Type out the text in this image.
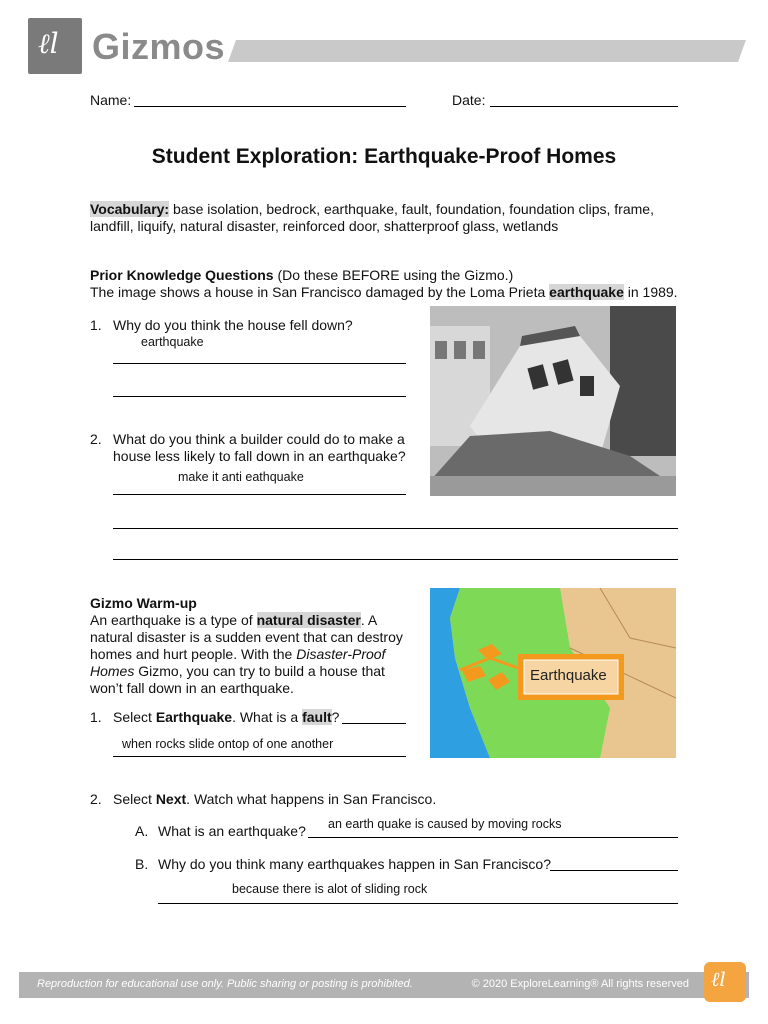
ℓl Gizmos
Name:	Date:
Student Exploration: Earthquake-Proof Homes
Vocabulary: base isolation, bedrock, earthquake, fault, foundation, foundation clips, frame, landfill, liquify, natural disaster, reinforced door, shatterproof glass, wetlands
Prior Knowledge Questions (Do these BEFORE using the Gizmo.)
The image shows a house in San Francisco damaged by the Loma Prieta earthquake in 1989.
1. Why do you think the house fell down?
earthquake
2. What do you think a builder could do to make a
house less likely to fall down in an earthquake?
make it anti eathquake
Gizmo Warm-up
An earthquake is a type of natural disaster. A natural disaster is a sudden event that can destroy homes and hurt people. With the Disaster-Proof Homes Gizmo, you can try to build a house that won’t fall down in an earthquake.
1. Select Earthquake. What is a fault?
when rocks slide ontop of one another
Earthquake
2. Select Next. Watch what happens in San Francisco.
A. What is an earthquake? an earth quake is caused by moving rocks
B. Why do you think many earthquakes happen in San Francisco?
because there is alot of sliding rock
Reproduction for educational use only. Public sharing or posting is prohibited.	© 2020 ExploreLearning® All rights reserved ℓl
